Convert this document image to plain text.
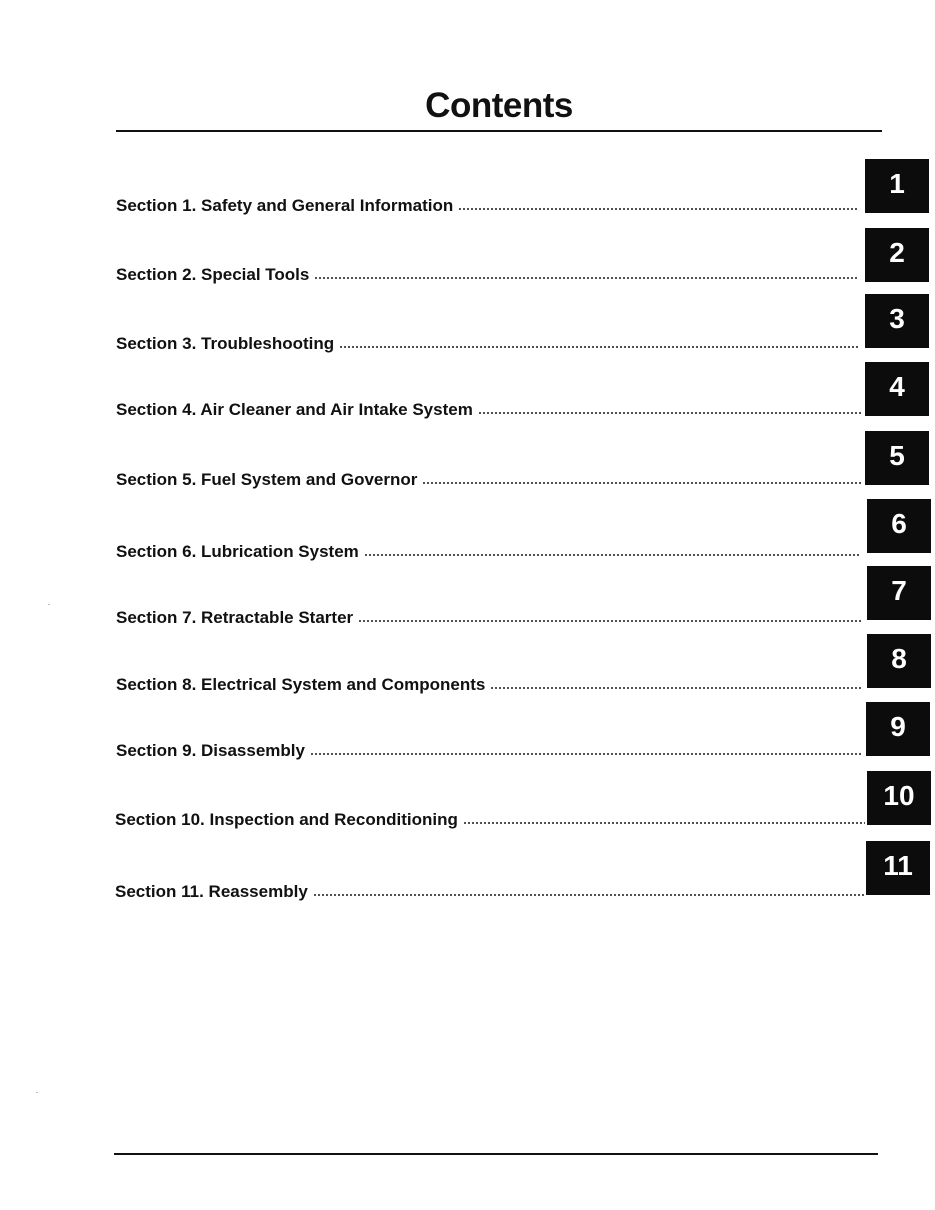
Contents
Section 1. Safety and General Information
1
Section 2. Special Tools
2
Section 3. Troubleshooting
3
Section 4. Air Cleaner and Air Intake System
4
Section 5. Fuel System and Governor
5
Section 6. Lubrication System
6
Section 7. Retractable Starter
7
Section 8. Electrical System and Components
8
Section 9. Disassembly
9
Section 10. Inspection and Reconditioning
10
Section 11. Reassembly
11
